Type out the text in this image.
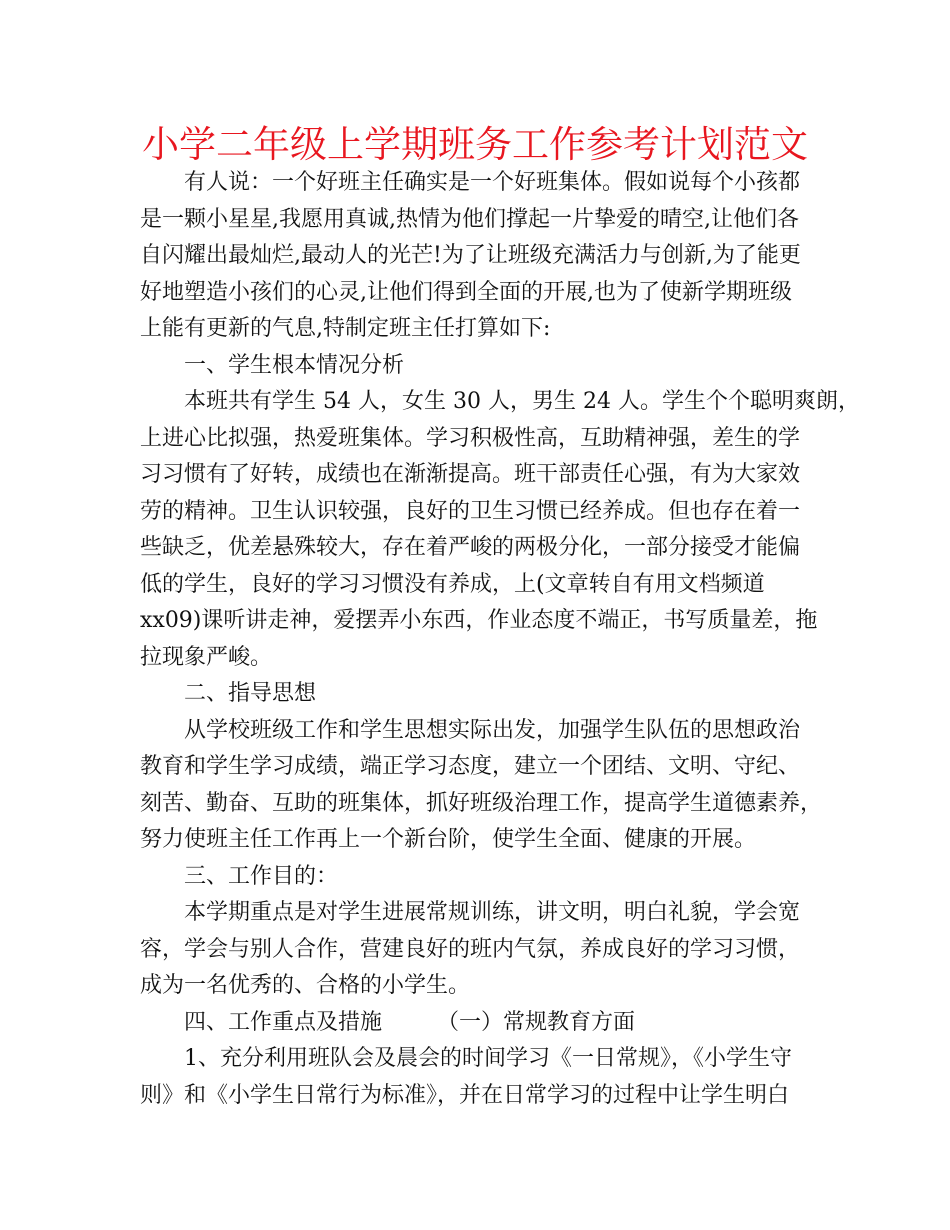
小学二年级上学期班务工作参考计划范文
有人说：一个好班主任确实是一个好班集体。假如说每个小孩都
是一颗小星星,我愿用真诚,热情为他们撑起一片挚爱的晴空,让他们各
自闪耀出最灿烂,最动人的光芒!为了让班级充满活力与创新,为了能更
好地塑造小孩们的心灵,让他们得到全面的开展,也为了使新学期班级
上能有更新的气息,特制定班主任打算如下:
一、学生根本情况分析
本班共有学生 54 人，女生 30 人，男生 24 人。学生个个聪明爽朗，
上进心比拟强，热爱班集体。学习积极性高，互助精神强，差生的学
习习惯有了好转，成绩也在渐渐提高。班干部责任心强，有为大家效
劳的精神。卫生认识较强，良好的卫生习惯已经养成。但也存在着一
些缺乏，优差悬殊较大，存在着严峻的两极分化，一部分接受才能偏
低的学生，良好的学习习惯没有养成，上(文章转自有用文档频道
xx09)课听讲走神，爱摆弄小东西，作业态度不端正，书写质量差，拖
拉现象严峻。
二、指导思想
从学校班级工作和学生思想实际出发，加强学生队伍的思想政治
教育和学生学习成绩，端正学习态度，建立一个团结、文明、守纪、
刻苦、勤奋、互助的班集体，抓好班级治理工作，提高学生道德素养，
努力使班主任工作再上一个新台阶，使学生全面、健康的开展。
三、工作目的：
本学期重点是对学生进展常规训练，讲文明，明白礼貌，学会宽
容，学会与别人合作，营建良好的班内气氛，养成良好的学习习惯，
成为一名优秀的、合格的小学生。
四、工作重点及措施　　　（一）常规教育方面
1、充分利用班队会及晨会的时间学习《一日常规》，《小学生守
则》和《小学生日常行为标准》，并在日常学习的过程中让学生明白
